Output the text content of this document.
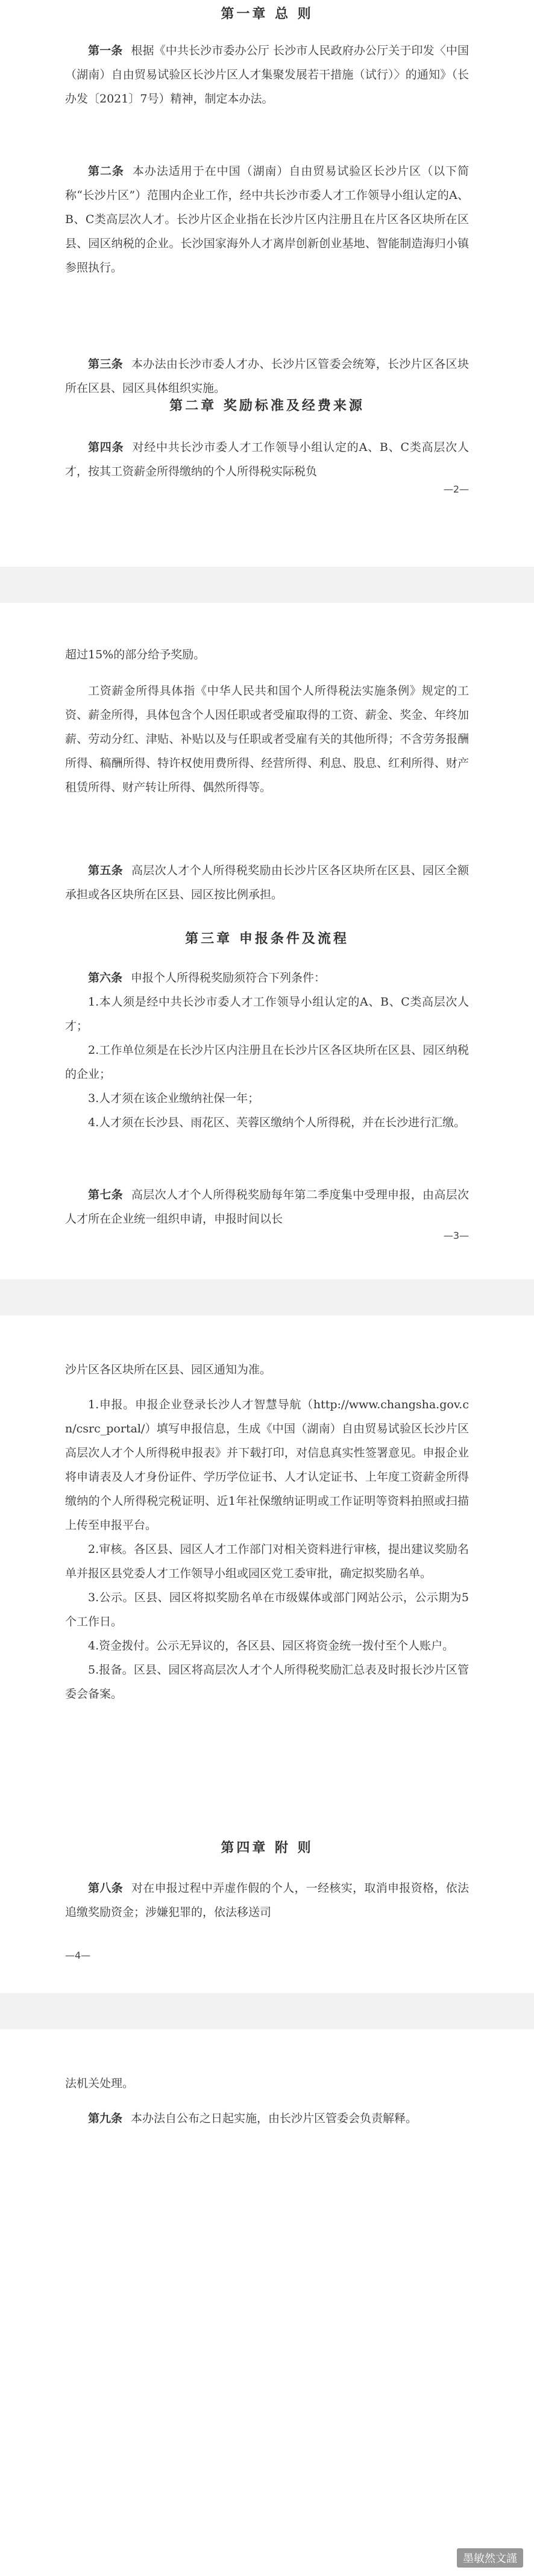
第一章 总 则

第一条 根据《中共长沙市委办公厅 长沙市人民政府办公厅关于印发〈中国（湖南）自由贸易试验区长沙片区人才集聚发展若干措施（试行）〉的通知》（长办发〔2021〕7号）精神，制定本办法。

第二条 本办法适用于在中国（湖南）自由贸易试验区长沙片区（以下简称“长沙片区”）范围内企业工作，经中共长沙市委人才工作领导小组认定的A、B、C类高层次人才。长沙片区企业指在长沙片区内注册且在片区各区块所在区县、园区纳税的企业。长沙国家海外人才离岸创新创业基地、智能制造海归小镇参照执行。

第三条 本办法由长沙市委人才办、长沙片区管委会统筹，长沙片区各区块所在区县、园区具体组织实施。

第二章 奖励标准及经费来源

第四条 对经中共长沙市委人才工作领导小组认定的A、B、C类高层次人才，按其工资薪金所得缴纳的个人所得税实际税负

—2—

超过15%的部分给予奖励。

工资薪金所得具体指《中华人民共和国个人所得税法实施条例》规定的工资、薪金所得，具体包含个人因任职或者受雇取得的工资、薪金、奖金、年终加薪、劳动分红、津贴、补贴以及与任职或者受雇有关的其他所得；不含劳务报酬所得、稿酬所得、特许权使用费所得、经营所得、利息、股息、红利所得、财产租赁所得、财产转让所得、偶然所得等。

第五条 高层次人才个人所得税奖励由长沙片区各区块所在区县、园区全额承担或各区块所在区县、园区按比例承担。

第三章 申报条件及流程

第六条 申报个人所得税奖励须符合下列条件：

1.本人须是经中共长沙市委人才工作领导小组认定的A、B、C类高层次人才；

2.工作单位须是在长沙片区内注册且在长沙片区各区块所在区县、园区纳税的企业；

3.人才须在该企业缴纳社保一年；

4.人才须在长沙县、雨花区、芙蓉区缴纳个人所得税，并在长沙进行汇缴。

第七条 高层次人才个人所得税奖励每年第二季度集中受理申报，由高层次人才所在企业统一组织申请，申报时间以长

—3—

沙片区各区块所在区县、园区通知为准。

1.申报。申报企业登录长沙人才智慧导航（http://www.changsha.gov.cn/csrc_portal/）填写申报信息，生成《中国（湖南）自由贸易试验区长沙片区高层次人才个人所得税申报表》并下载打印，对信息真实性签署意见。申报企业将申请表及人才身份证件、学历学位证书、人才认定证书、上年度工资薪金所得缴纳的个人所得税完税证明、近1年社保缴纳证明或工作证明等资料拍照或扫描上传至申报平台。

2.审核。各区县、园区人才工作部门对相关资料进行审核，提出建议奖励名单并报区县党委人才工作领导小组或园区党工委审批，确定拟奖励名单。

3.公示。区县、园区将拟奖励名单在市级媒体或部门网站公示，公示期为5个工作日。

4.资金拨付。公示无异议的，各区县、园区将资金统一拨付至个人账户。

5.报备。区县、园区将高层次人才个人所得税奖励汇总表及时报长沙片区管委会备案。

第四章 附 则

第八条 对在申报过程中弄虚作假的个人，一经核实，取消申报资格，依法追缴奖励资金；涉嫌犯罪的，依法移送司

—4—

法机关处理。

第九条 本办法自公布之日起实施，由长沙片区管委会负责解释。

墨敏然文謹
